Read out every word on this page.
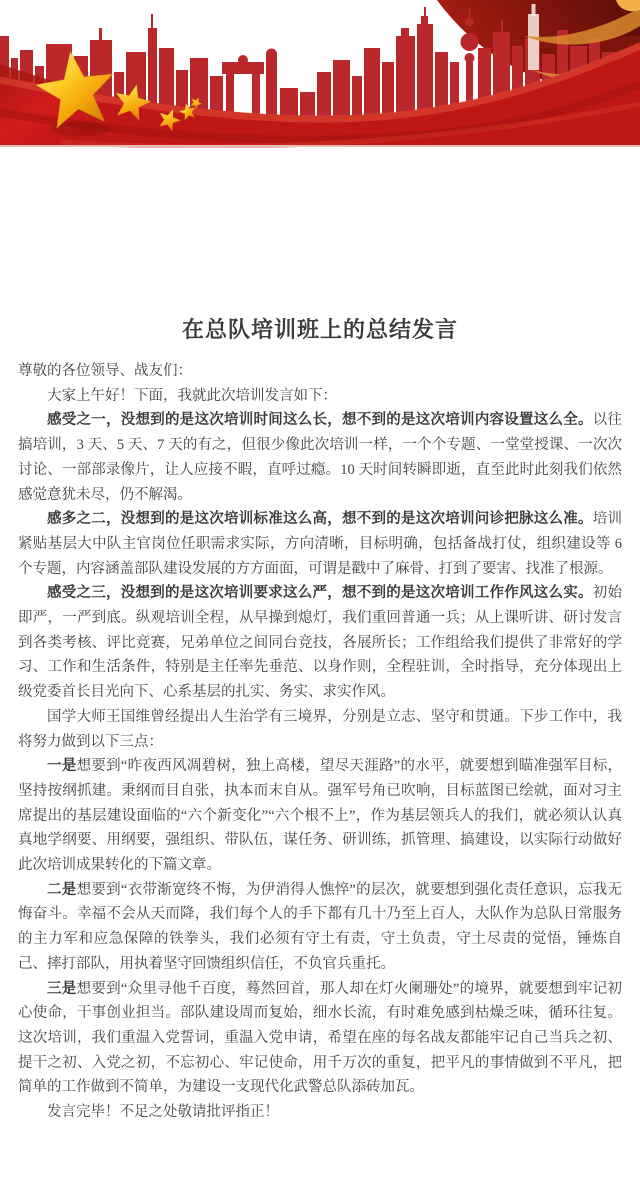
在总队培训班上的总结发言

尊敬的各位领导、战友们：

大家上午好！下面，我就此次培训发言如下：

感受之一，没想到的是这次培训时间这么长，想不到的是这次培训内容设置这么全。以往搞培训，3 天、5 天、7 天的有之，但很少像此次培训一样，一个个专题、一堂堂授课、一次次讨论、一部部录像片，让人应接不暇，直呼过瘾。10 天时间转瞬即逝，直至此时此刻我们依然感觉意犹未尽，仍不解渴。

感多之二，没想到的是这次培训标准这么高，想不到的是这次培训问诊把脉这么准。培训紧贴基层大中队主官岗位任职需求实际，方向清晰，目标明确，包括备战打仗，组织建设等 6 个专题，内容涵盖部队建设发展的方方面面，可谓是戳中了麻骨、打到了要害、找准了根源。

感受之三，没想到的是这次培训要求这么严，想不到的是这次培训工作作风这么实。初始即严，一严到底。纵观培训全程，从早操到熄灯，我们重回普通一兵；从上课听讲、研讨发言到各类考核、评比竞赛，兄弟单位之间同台竞技，各展所长；工作组给我们提供了非常好的学习、工作和生活条件，特别是主任率先垂范、以身作则，全程驻训，全时指导，充分体现出上级党委首长目光向下、心系基层的扎实、务实、求实作风。

国学大师王国维曾经提出人生治学有三境界，分别是立志、坚守和贯通。下步工作中，我将努力做到以下三点：

一是想要到“昨夜西风凋碧树，独上高楼，望尽天涯路”的水平，就要想到瞄准强军目标，坚持按纲抓建。秉纲而目自张，执本而末自从。强军号角已吹响，目标蓝图已绘就，面对习主席提出的基层建设面临的“六个新变化”“六个根不上”，作为基层领兵人的我们，就必须认认真真地学纲要、用纲要，强组织、带队伍，谋任务、研训练，抓管理、搞建设，以实际行动做好此次培训成果转化的下篇文章。

二是想要到“衣带渐宽终不悔，为伊消得人憔悴”的层次，就要想到强化责任意识，忘我无悔奋斗。幸福不会从天而降，我们每个人的手下都有几十乃至上百人，大队作为总队日常服务的主力军和应急保障的铁拳头，我们必须有守土有责，守土负责，守土尽责的觉悟，锤炼自己、摔打部队，用执着坚守回馈组织信任，不负官兵重托。

三是想要到“众里寻他千百度，蓦然回首，那人却在灯火阑珊处”的境界，就要想到牢记初心使命，干事创业担当。部队建设周而复始，细水长流，有时难免感到枯燥乏味，循环往复。这次培训，我们重温入党誓词，重温入党申请，希望在座的每名战友都能牢记自己当兵之初、提干之初、入党之初，不忘初心、牢记使命，用千万次的重复，把平凡的事情做到不平凡，把简单的工作做到不简单，为建设一支现代化武警总队添砖加瓦。

发言完毕！不足之处敬请批评指正！
